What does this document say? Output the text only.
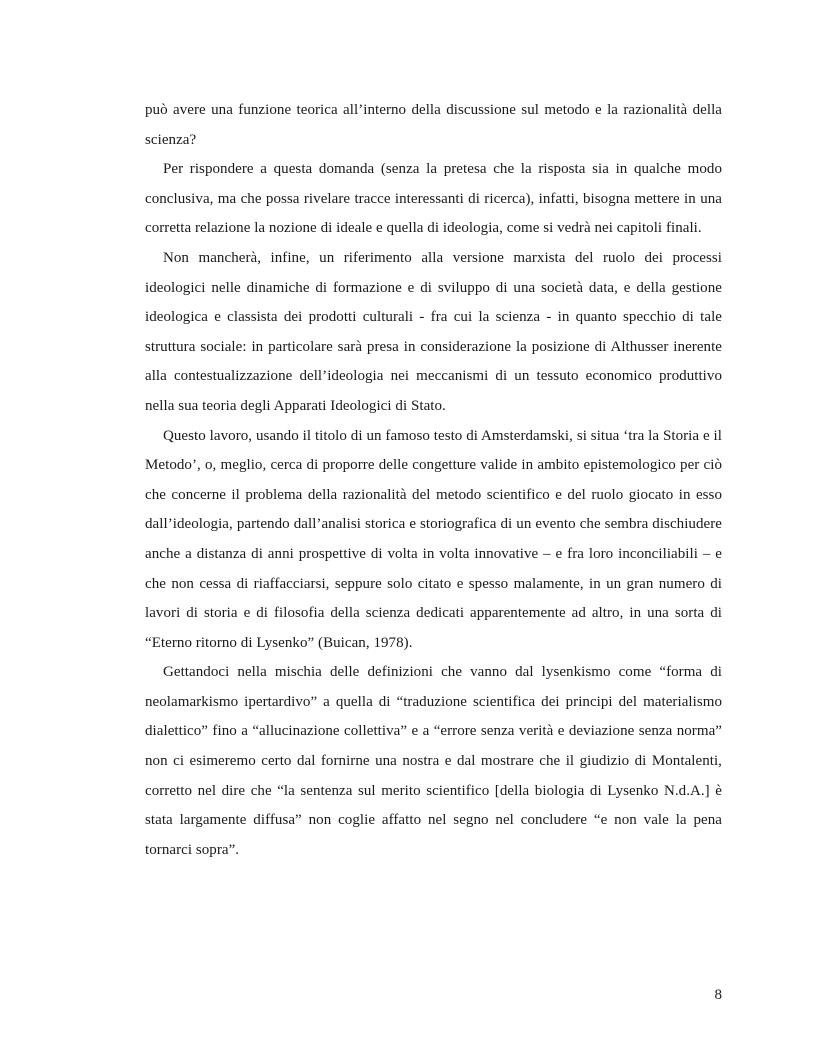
può avere una funzione teorica all’interno della discussione sul metodo e la razionalità della scienza?

Per rispondere a questa domanda (senza la pretesa che la risposta sia in qualche modo conclusiva, ma che possa rivelare tracce interessanti di ricerca), infatti, bisogna mettere in una corretta relazione la nozione di ideale e quella di ideologia, come si vedrà nei capitoli finali.

Non mancherà, infine, un riferimento alla versione marxista del ruolo dei processi ideologici nelle dinamiche di formazione e di sviluppo di una società data, e della gestione ideologica e classista dei prodotti culturali - fra cui la scienza - in quanto specchio di tale struttura sociale: in particolare sarà presa in considerazione la posizione di Althusser inerente alla contestualizzazione dell’ideologia nei meccanismi di un tessuto economico produttivo nella sua teoria degli Apparati Ideologici di Stato.

Questo lavoro, usando il titolo di un famoso testo di Amsterdamski, si situa ‘tra la Storia e il Metodo’, o, meglio, cerca di proporre delle congetture valide in ambito epistemologico per ciò che concerne il problema della razionalità del metodo scientifico e del ruolo giocato in esso dall’ideologia, partendo dall’analisi storica e storiografica di un evento che sembra dischiudere anche a distanza di anni prospettive di volta in volta innovative – e fra loro inconciliabili – e che non cessa di riaffacciarsi, seppure solo citato e spesso malamente, in un gran numero di lavori di storia e di filosofia della scienza dedicati apparentemente ad altro, in una sorta di “Eterno ritorno di Lysenko” (Buican, 1978).

Gettandoci nella mischia delle definizioni che vanno dal lysenkismo come “forma di neolamarkismo ipertardivo” a quella di “traduzione scientifica dei principi del materialismo dialettico” fino a “allucinazione collettiva” e a “errore senza verità e deviazione senza norma” non ci esimeremo certo dal fornirne una nostra e dal mostrare che il giudizio di Montalenti, corretto nel dire che “la sentenza sul merito scientifico [della biologia di Lysenko N.d.A.] è stata largamente diffusa” non coglie affatto nel segno nel concludere “e non vale la pena tornarci sopra”.

8
